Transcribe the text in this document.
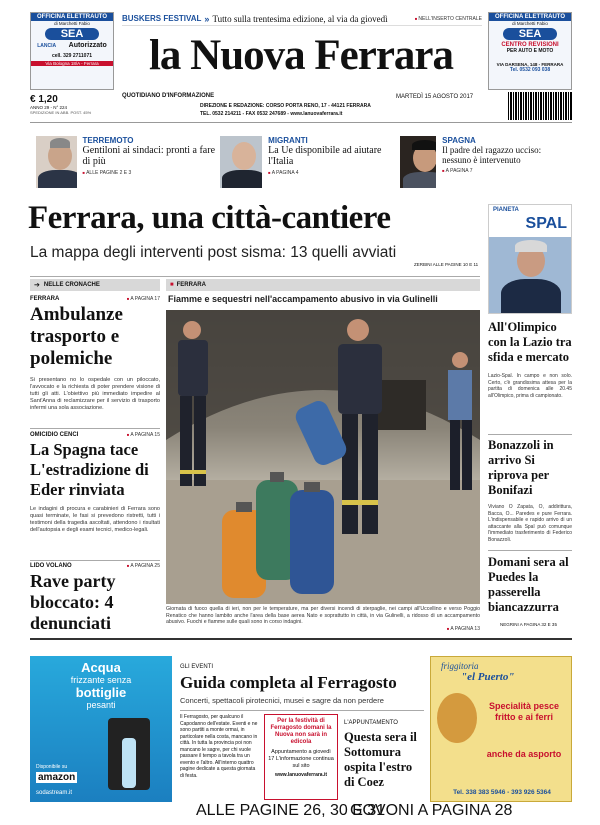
OFFICINA ELETTRAUTO
di Marchetti Fabio
SEA
LANCIA Autorizzato
cell. 329 2711071
Via Bologna 18/A - Ferrara
OFFICINA ELETTRAUTO
di Marchetti Fabio
SEA
CENTRO REVISIONI
PER AUTO E MOTO
VIA DARSENA, 148 - FERRARA
Tel. 0532 093 038
BUSKERS FESTIVAL » Tutto sulla trentesima edizione, al via da giovedì	■ NELL'INSERTO CENTRALE
la Nuova Ferrara
€ 1,20
ANNO 29 - N° 224
SPEDIZIONE IN ABB. POST. 45%
QUOTIDIANO D'INFORMAZIONE
DIREZIONE E REDAZIONE: CORSO PORTA RENO, 17 - 44121 FERRARA
TEL. 0532 214211 - FAX 0532 247689 - www.lanuovaferrara.it
MARTEDÌ 15 AGOSTO 2017
TERREMOTO
Gentiloni ai sindaci: pronti a fare di più
■ ALLE PAGINE 2 E 3
MIGRANTI
La Ue disponibile ad aiutare l'Italia
■ A PAGINA 4
SPAGNA
Il padre del ragazzo ucciso: nessuno è intervenuto
■ A PAGINA 7
Ferrara, una città-cantiere
La mappa degli interventi post sisma: 13 quelli avviati
ZERBINI ALLE PAGINE 10 E 11
PIANETA
SPAL
➔ NELLE CRONACHE
FERRARA	■ A PAGINA 17
Ambulanze trasporto e polemiche
Si presentano no lo ospedale con un piloccato, l'avvocato e la richiesta di poter prendere visione di tutti gli atti. L'obiettivo più immediato impedire al Sant'Anna di reclamizzare per il servizio di trasporto infermi una sola associazione.
OMICIDIO CENCI	■ A PAGINA 15
La Spagna tace L'estradizione di Eder rinviata
Le indagini di procura e carabinieri di Ferrara sono quasi terminate, le fasi si prevedono ristretti, tutti i testimoni della tragedia ascoltati, attendono i risultati dell'autopsia e degli esami tecnici, medico-legali.
LIDO VOLANO	■ A PAGINA 25
Rave party bloccato: 4 denunciati
■ FERRARA
Fiamme e sequestri nell'accampamento abusivo in via Gulinelli
Giornata di fuoco quella di ieri, non per le temperature, ma per diversi incendi di sterpaglie, nei campi all'Uccellino e verso Poggio Renatico che hanno lambito anche l'area della base aerea Nato e soprattutto in città, in via Gulinelli, a ridosso di un accampamento abusivo. Fuochi e fiamme sulle quali sono in corso indagini.
■ A PAGINA 13
All'Olimpico con la Lazio tra sfida e mercato
Lazio-Spal. In campo e non solo. Certo, c'è grandissima attesa per la partita di domenica alle 20.45 all'Olimpico, prima di campionato.
Bonazzoli in arrivo Si riprova per Bonifazi
Viviano O Zapata, O, addirittura, Bacca, O... Paredes e pure Ferrara. L'indispensabile e rapido arrivo di un attaccante alla Spal può comunque l'immediato trasferimento di Federico Bonazzoli.
Domani sera al Puedes la passerella biancazzurra
NEGRINI A PAGINA 32 E 35
Acqua
frizzante senza
bottiglie
pesanti
Disponibile su
amazon
sodastream.it
GLI EVENTI
Guida completa al Ferragosto
Concerti, spettacoli pirotecnici, musei e sagre da non perdere
Il Ferragosto, per qualcuno il Capodanno dell'estate. Eventi e ne sono partiti a monte ormai, in particolare nella costa, mancano in città. In tutta la provincia poi non mancano le sagre, per chi vuole passare il tempo a tavola tra un evento e l'altro. All'interno quattro pagine dedicate a questa giornata di festa.
Per la festività di Ferragosto domani la Nuova non sarà in edicola
Appuntamento a giovedì 17 L'informazione continua sul sito
www.lanuovaferrara.it
ALLE PAGINE 26, 30 E 31
L'APPUNTAMENTO
Questa sera il Sottomura ospita l'estro di Coez
GOVONI A PAGINA 28
friggitoria
"el Puerto"
Specialità pesce fritto e ai ferri
anche da asporto
Tel. 338 383 5946 - 393 926 5364
